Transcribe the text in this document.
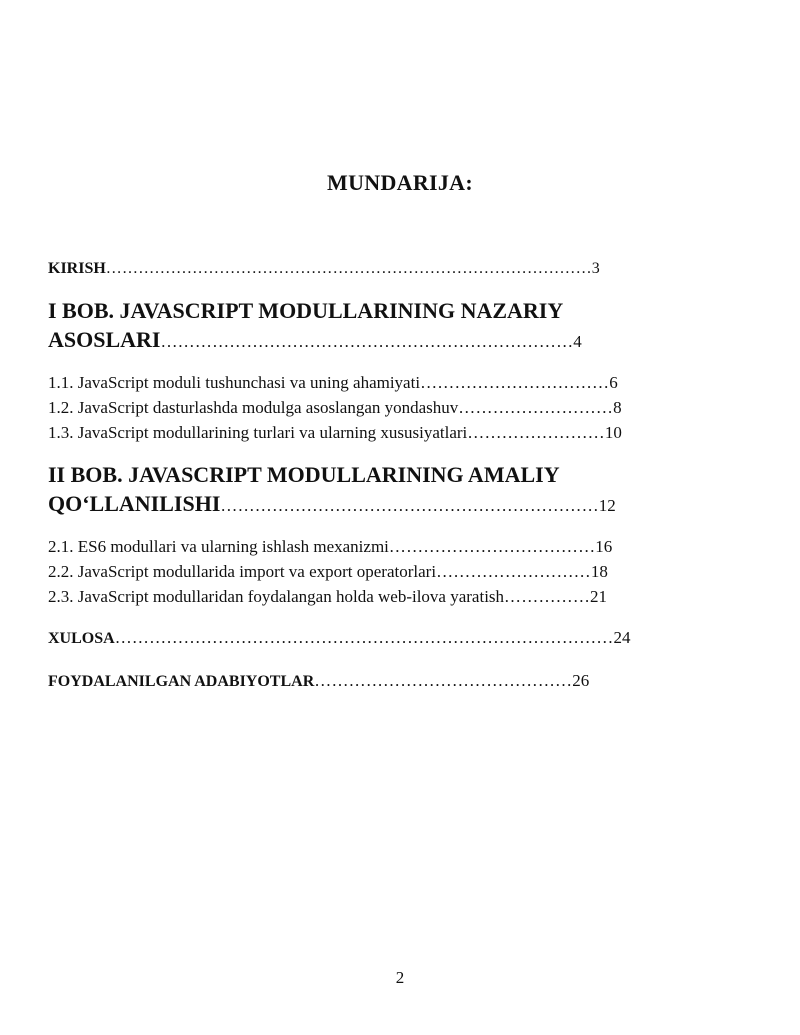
MUNDARIJA:
KIRISH………………………………………………………………………………3
I BOB. JAVASCRIPT MODULLARINING NAZARIY
ASOSLARI………………………………………………………………4
1.1. JavaScript moduli tushunchasi va uning ahamiyati……………………………6
1.2. JavaScript dasturlashda modulga asoslangan yondashuv………………………8
1.3. JavaScript modullarining turlari va ularning xususiyatlari……………………10
II BOB. JAVASCRIPT MODULLARINING AMALIY
QO‘LLANILISHI…………………………………………………………12
2.1. ES6 modullari va ularning ishlash mexanizmi………………………………16
2.2. JavaScript modullarida import va export operatorlari………………………18
2.3. JavaScript modullaridan foydalangan holda web-ilova yaratish……………21
XULOSA……………………………………………………………………………24
FOYDALANILGAN ADABIYOTLAR………………………………………26
2
